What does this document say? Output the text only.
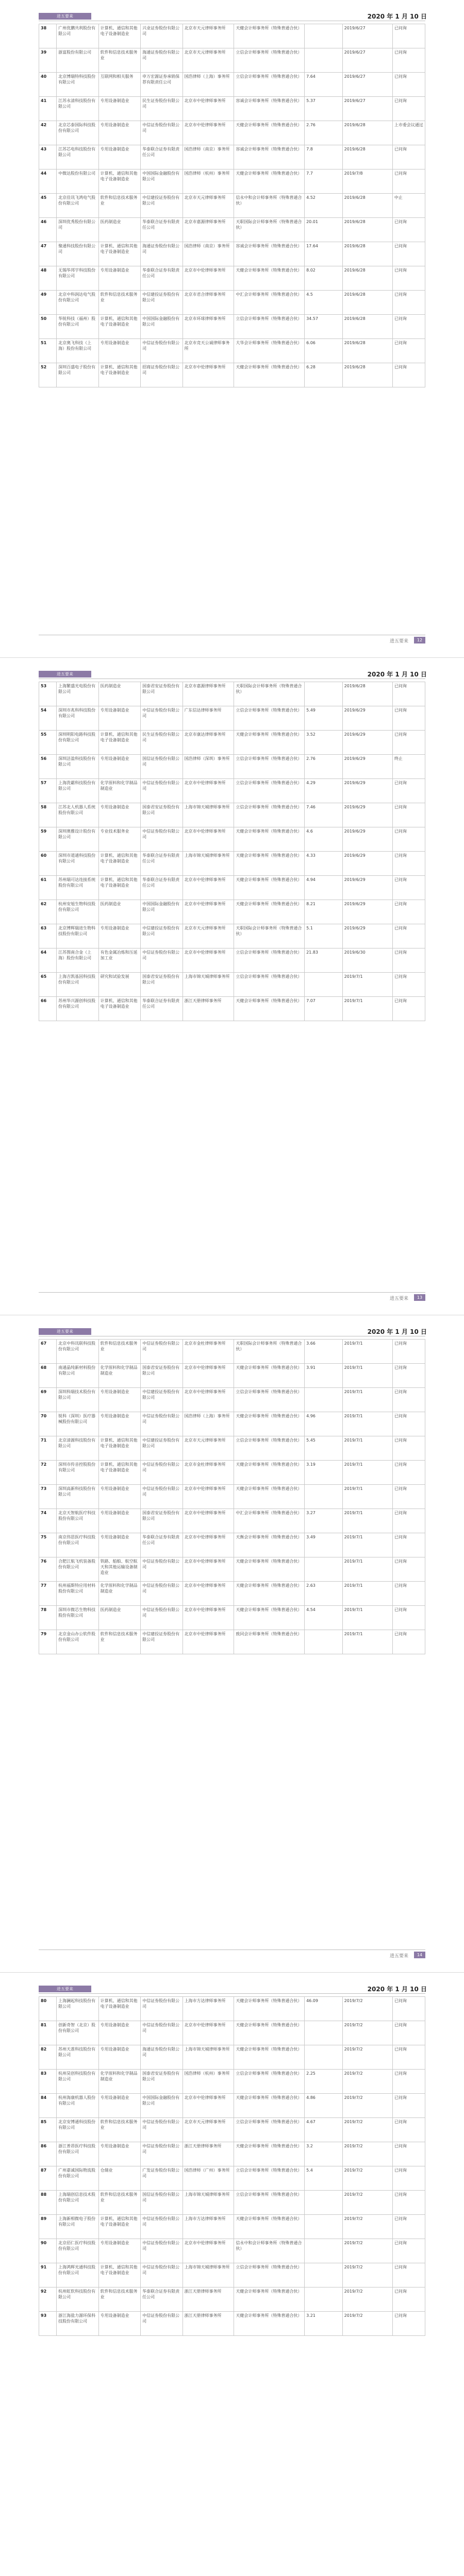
进五要来	2020 年 1 月 10 日
38	广州优鹏共利股份有限公司	计算机、通信和其他电子设备制造业	兴业证券股份有限公司	北京市天元律师事务所	天健会计师事务所（特殊普通合伙）		2019/6/27	已问询
39	浙富股份有限公司	软件和信息技术服务业	海通证券股份有限公司	北京市天元律师事务所	立信会计师事务所（特殊普通合伙）		2019/6/27	已问询
40	北京博瑞特科技股份有限公司	互联网和相关服务	申万宏源证券承销保荐有限责任公司	国浩律师（上海）事务所	立信会计师事务所（特殊普通合伙）	7.64	2019/6/27	已问询
41	江苏永清科技股份有限公司	专用设备制造业	民生证券股份有限公司	北京市中伦律师事务所	容诚会计师事务所（特殊普通合伙）	5.37	2019/6/27	已问询
42	北京芯泰国际科技股份有限公司	专用设备制造业	中信证券股份有限公司	北京市中伦律师事务所	天健会计师事务所（特殊普通合伙）	2.76	2019/6/28	上市委会议通过
43	江苏芯电科技股份有限公司	专用设备制造业	华泰联合证券有限责任公司	国浩律师（南京）事务所	容诚会计师事务所（特殊普通合伙）	7.8	2019/6/28	已问询
44	中微达股份有限公司	计算机、通信和其他电子设备制造业	中国国际金融股份有限公司	国浩律师（杭州）事务所	天健会计师事务所（特殊普通合伙）	7.7	2019/7/8	已问询
45	北京佳讯飞鸿电气股份有限公司	软件和信息技术服务业	中信建投证券股份有限公司	北京市天元律师事务所	信永中和会计师事务所（特殊普通合伙）	4.52	2019/6/28	中止
46	深圳优秀股份有限公司	医药制造业	华泰联合证券有限责任公司	北京市嘉源律师事务所	天职国际会计师事务所（特殊普通合伙）	20.01	2019/6/28	已问询
47	聚通科技股份有限公司	计算机、通信和其他电子设备制造业	海通证券股份有限公司	国浩律师（南京）事务所	容诚会计师事务所（特殊普通合伙）	17.64	2019/6/28	已问询
48	无锡华邦宇科技股份有限公司	专用设备制造业	华泰联合证券有限责任公司	北京市中伦律师事务所	天健会计师事务所（特殊普通合伙）	8.02	2019/6/28	已问询
49	北京中科润达电气股份有限公司	软件和信息技术服务业	中信建投证券股份有限公司	北京市君合律师事务所	中汇会计师事务所（特殊普通合伙）	4.5	2019/6/28	已问询
50	华锐科技（福州）股份有限公司	计算机、通信和其他电子设备制造业	中国国际金融股份有限公司	北京市环球律师事务所	立信会计师事务所（特殊普通合伙）	34.57	2019/6/28	已问询
51	北京奥飞科技（上海）股份有限公司	专用设备制造业	中信证券股份有限公司	北京市竞天公诚律师事务所	大华会计师事务所（特殊普通合伙）	6.06	2019/6/28	已问询
52	深圳百盛电子股份有限公司	计算机、通信和其他电子设备制造业	招商证券股份有限公司	北京市中伦律师事务所	天健会计师事务所（特殊普通合伙）	6.28	2019/6/28	已问询
进五要来	12
进五要来	2020 年 1 月 10 日
53	上海繁盛光电股份有限公司	医药制造业	国泰君安证券股份有限公司	北京市嘉源律师事务所	天职国际会计师事务所（特殊普通合伙）		2019/6/28	已问询
54	深圳市兆科科技股份有限公司	专用设备制造业	中信证券股份有限公司	广东信达律师事务所	立信会计师事务所（特殊普通合伙）	5.49	2019/6/29	已问询
55	深圳明阳电路科技股份有限公司	计算机、通信和其他电子设备制造业	民生证券股份有限公司	北京市康达律师事务所	天健会计师事务所（特殊普通合伙）	3.52	2019/6/29	已问询
56	深圳洁盈科技股份有限公司	专用设备制造业	国信证券股份有限公司	国浩律师（深圳）事务所	立信会计师事务所（特殊普通合伙）	2.76	2019/6/29	终止
57	上海洗霸科技股份有限公司	化学原料和化学制品制造业	中信证券股份有限公司	北京市中伦律师事务所	立信会计师事务所（特殊普通合伙）	4.29	2019/6/29	已问询
58	江苏北人机器人系统股份有限公司	专用设备制造业	国泰君安证券股份有限公司	上海市锦天城律师事务所	立信会计师事务所（特殊普通合伙）	7.46	2019/6/29	已问询
59	深圳奥雅设计股份有限公司	专业技术服务业	中信证券股份有限公司	北京市中伦律师事务所	天健会计师事务所（特殊普通合伙）	4.6	2019/6/29	已问询
60	深圳市道通科技股份有限公司	计算机、通信和其他电子设备制造业	华泰联合证券有限责任公司	上海市锦天城律师事务所	天健会计师事务所（特殊普通合伙）	4.33	2019/6/29	已问询
61	苏州瑞可达连接系统股份有限公司	计算机、通信和其他电子设备制造业	华泰联合证券有限责任公司	北京市中伦律师事务所	天健会计师事务所（特殊普通合伙）	4.94	2019/6/29	已问询
62	杭州安旭生物科技股份有限公司	医药制造业	中国国际金融股份有限公司	北京市中伦律师事务所	天健会计师事务所（特殊普通合伙）	8.21	2019/6/29	已问询
63	北京博辉瑞进生物科技股份有限公司	专用设备制造业	中信建投证券股份有限公司	北京市天元律师事务所	天职国际会计师事务所（特殊普通合伙）	5.1	2019/6/29	已问询
64	江苏图南合金（上海）股份有限公司	有色金属冶炼和压延加工业	中信证券股份有限公司	北京市中伦律师事务所	立信会计师事务所（特殊普通合伙）	21.83	2019/6/30	已问询
65	上海吉凯基因科技股份有限公司	研究和试验发展	国泰君安证券股份有限公司	上海市锦天城律师事务所	立信会计师事务所（特殊普通合伙）		2019/7/1	已问询
66	苏州华兴源创科技股份有限公司	计算机、通信和其他电子设备制造业	华泰联合证券有限责任公司	浙江天册律师事务所	天健会计师事务所（特殊普通合伙）	7.07	2019/7/1	已问询
进五要来	13
进五要来	2020 年 1 月 10 日
67	北京中科讯联科技股份有限公司	软件和信息技术服务业	中信证券股份有限公司	北京市金杜律师事务所	天职国际会计师事务所（特殊普通合伙）	3.66	2019/7/1	已问询
68	南通晶纯新材料股份有限公司	化学原料和化学制品制造业	国泰君安证券股份有限公司	北京市中伦律师事务所	天健会计师事务所（特殊普通合伙）	3.91	2019/7/1	已问询
69	深圳科瑞技术股份有限公司	专用设备制造业	中信建投证券股份有限公司	北京市中伦律师事务所	立信会计师事务所（特殊普通合伙）		2019/7/1	已问询
70	锐科（深圳）医疗器械股份有限公司	专用设备制造业	中信证券股份有限公司	国浩律师（上海）事务所	天健会计师事务所（特殊普通合伙）	4.96	2019/7/1	已问询
71	北京清源科技股份有限公司	计算机、通信和其他电子设备制造业	中信建投证券股份有限公司	北京市天元律师事务所	立信会计师事务所（特殊普通合伙）	5.45	2019/7/1	已问询
72	深圳市传音控股股份有限公司	计算机、通信和其他电子设备制造业	中信证券股份有限公司	北京市金杜律师事务所	天健会计师事务所（特殊普通合伙）	3.19	2019/7/1	已问询
73	深圳高新科技股份有限公司	专用设备制造业	中信证券股份有限公司	北京市中伦律师事务所	天健会计师事务所（特殊普通合伙）		2019/7/1	已问询
74	北京天智航医疗科技股份有限公司	专用设备制造业	国泰君安证券股份有限公司	北京市中伦律师事务所	中汇会计师事务所（特殊普通合伙）	3.27	2019/7/1	已问询
75	南京伟思医疗科技股份有限公司	专用设备制造业	华泰联合证券有限责任公司	北京市中伦律师事务所	天衡会计师事务所（特殊普通合伙）	3.49	2019/7/1	已问询
76	合肥江航飞机装备股份有限公司	铁路、船舶、航空航天和其他运输设备制造业	中信证券股份有限公司	北京市中伦律师事务所	天健会计师事务所（特殊普通合伙）		2019/7/1	已问询
77	杭州福斯特应用材料股份有限公司	化学原料和化学制品制造业	中信证券股份有限公司	北京市中伦律师事务所	天健会计师事务所（特殊普通合伙）	2.63	2019/7/1	已问询
78	深圳市微芯生物科技股份有限公司	医药制造业	中信证券股份有限公司	北京市中伦律师事务所	天健会计师事务所（特殊普通合伙）	4.54	2019/7/1	已问询
79	北京金山办公软件股份有限公司	软件和信息技术服务业	中信建投证券股份有限公司	北京市中伦律师事务所	致同会计师事务所（特殊普通合伙）		2019/7/1	已问询
进五要来	14
进五要来	2020 年 1 月 10 日
80	上海澜起科技股份有限公司	计算机、通信和其他电子设备制造业	中信证券股份有限公司	上海市方达律师事务所	天健会计师事务所（特殊普通合伙）	46.09	2019/7/2	已问询
81	创新奇智（北京）股份有限公司	专用设备制造业	中信证券股份有限公司	北京市中伦律师事务所	天健会计师事务所（特殊普通合伙）		2019/7/2	已问询
82	苏州天准科技股份有限公司	专用设备制造业	海通证券股份有限公司	上海市锦天城律师事务所	天健会计师事务所（特殊普通合伙）		2019/7/2	已问询
83	杭州昊创科技股份有限公司	化学原料和化学制品制造业	国泰君安证券股份有限公司	国浩律师（杭州）事务所	立信会计师事务所（特殊普通合伙）	2.25	2019/7/2	已问询
84	杭州海康机器人股份有限公司	专用设备制造业	中国国际金融股份有限公司	北京市中伦律师事务所	天健会计师事务所（特殊普通合伙）	4.86	2019/7/2	已问询
85	北京安博通科技股份有限公司	软件和信息技术服务业	中信证券股份有限公司	北京市天元律师事务所	立信会计师事务所（特殊普通合伙）	4.67	2019/7/2	已问询
86	浙江普昂医疗科技股份有限公司	专用设备制造业	中信证券股份有限公司	浙江天册律师事务所	天健会计师事务所（特殊普通合伙）	3.2	2019/7/2	已问询
87	广州嘉诚国际物流股份有限公司	仓储业	广发证券股份有限公司	国浩律师（广州）事务所	立信会计师事务所（特殊普通合伙）	5.4	2019/7/2	已问询
88	上海瑞创信息技术股份有限公司	软件和信息技术服务业	国信证券股份有限公司	上海市锦天城律师事务所	立信会计师事务所（特殊普通合伙）		2019/7/2	已问询
89	上海新相微电子股份有限公司	计算机、通信和其他电子设备制造业	中信证券股份有限公司	上海市方达律师事务所	天健会计师事务所（特殊普通合伙）		2019/7/2	已问询
90	北京佰仁医疗科技股份有限公司	专用设备制造业	中信证券股份有限公司	北京市中伦律师事务所	信永中和会计师事务所（特殊普通合伙）		2019/7/2	已问询
91	上海鸿辉光通科技股份有限公司	计算机、通信和其他电子设备制造业	中信证券股份有限公司	上海市锦天城律师事务所	立信会计师事务所（特殊普通合伙）		2019/7/2	已问询
92	杭州虹软科技股份有限公司	软件和信息技术服务业	华泰联合证券有限责任公司	浙江天册律师事务所	天健会计师事务所（特殊普通合伙）		2019/7/2	已问询
93	浙江海盐力源环保科技股份有限公司	专用设备制造业	中信证券股份有限公司	浙江天册律师事务所	天健会计师事务所（特殊普通合伙）	3.21	2019/7/2	已问询
